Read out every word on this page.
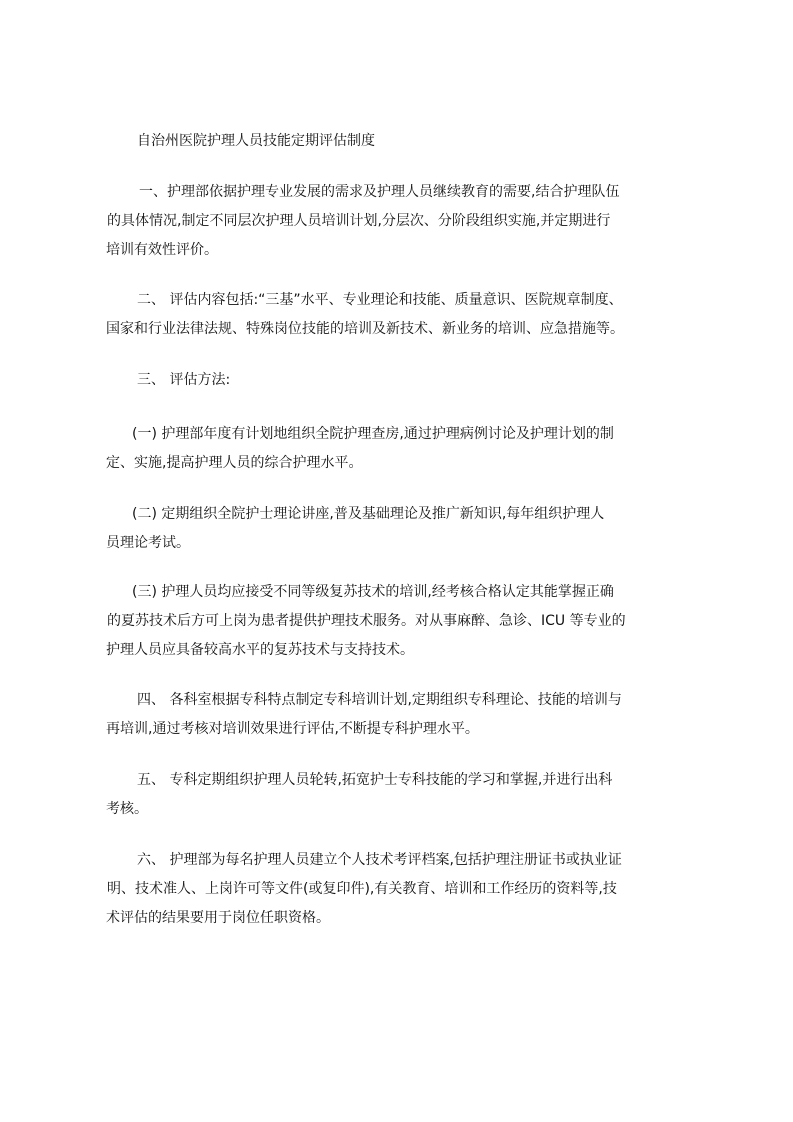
自治州医院护理人员技能定期评估制度
一、护理部依据护理专业发展的需求及护理人员继续教育的需要,结合护理队伍
的具体情况,制定不同层次护理人员培训计划,分层次、分阶段组织实施,并定期进行
培训有效性评价。
二、 评估内容包括:“三基”水平、专业理论和技能、质量意识、医院规章制度、
国家和行业法律法规、特殊岗位技能的培训及新技术、新业务的培训、应急措施等。
三、 评估方法:
(一) 护理部年度有计划地组织全院护理查房,通过护理病例讨论及护理计划的制
定、实施,提高护理人员的综合护理水平。
(二) 定期组织全院护士理论讲座,普及基础理论及推广新知识,每年组织护理人
员理论考试。
(三) 护理人员均应接受不同等级复苏技术的培训,经考核合格认定其能掌握正确
的夏苏技术后方可上岗为患者提供护理技术服务。对从事麻醉、急诊、ICU 等专业的
护理人员应具备较高水平的复苏技术与支持技术。
四、 各科室根据专科特点制定专科培训计划,定期组织专科理论、技能的培训与
再培训,通过考核对培训效果进行评估,不断提专科护理水平。
五、 专科定期组织护理人员轮转,拓宽护士专科技能的学习和掌握,并进行出科
考核。
六、 护理部为每名护理人员建立个人技术考评档案,包括护理注册证书或执业证
明、技术准人、上岗许可等文件(或复印件),有关教育、培训和工作经历的资料等,技
术评估的结果要用于岗位任职资格。
